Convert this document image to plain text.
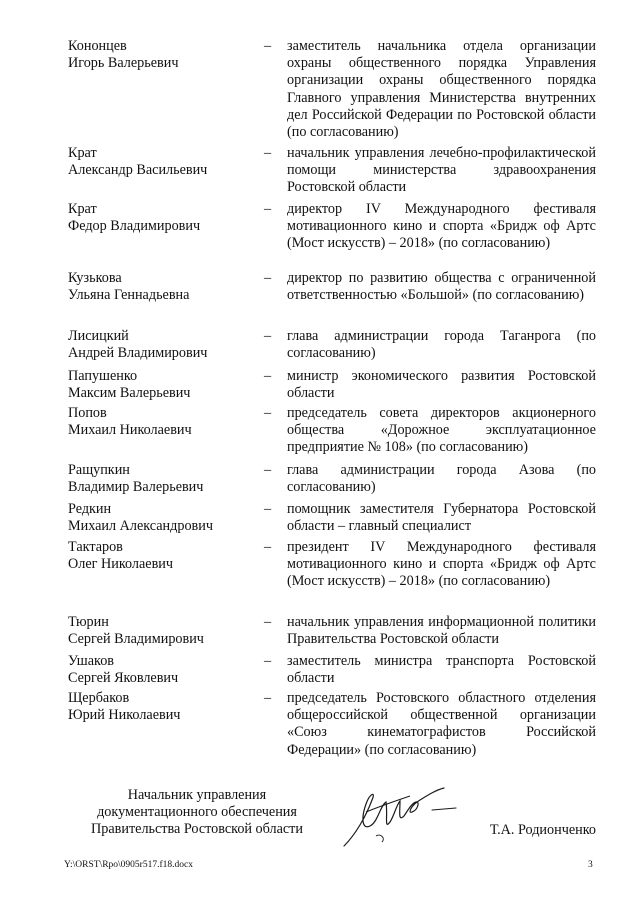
Кононцев
Игорь Валерьевич
– заместитель начальника отдела организации охраны общественного порядка Управления организации охраны общественного порядка Главного управления Министерства внутренних дел Российской Федерации по Ростовской области (по согласованию)
Крат
Александр Васильевич
– начальник управления лечебно-профилактической помощи министерства здравоохранения Ростовской области
Крат
Федор Владимирович
– директор IV Международного фестиваля мотивационного кино и спорта «Бридж оф Артс (Мост искусств) – 2018» (по согласованию)
Кузькова
Ульяна Геннадьевна
– директор по развитию общества с ограниченной ответственностью «Большой» (по согласованию)
Лисицкий
Андрей Владимирович
– глава администрации города Таганрога (по согласованию)
Папушенко
Максим Валерьевич
– министр экономического развития Ростовской области
Попов
Михаил Николаевич
– председатель совета директоров акционерного общества «Дорожное эксплуатационное предприятие № 108» (по согласованию)
Ращупкин
Владимир Валерьевич
– глава администрации города Азова (по согласованию)
Редкин
Михаил Александрович
– помощник заместителя Губернатора Ростовской области – главный специалист
Тактаров
Олег Николаевич
– президент IV Международного фестиваля мотивационного кино и спорта «Бридж оф Артс (Мост искусств) – 2018» (по согласованию)
Тюрин
Сергей Владимирович
– начальник управления информационной политики Правительства Ростовской области
Ушаков
Сергей Яковлевич
– заместитель министра транспорта Ростовской области
Щербаков
Юрий Николаевич
– председатель Ростовского областного отделения общероссийской общественной организации «Союз кинематографистов Российской Федерации» (по согласованию)
Начальник управления
документационного обеспечения
Правительства Ростовской области	Т.А. Родионченко
Y:\ORST\Rpo\0905r517.f18.docx	3
